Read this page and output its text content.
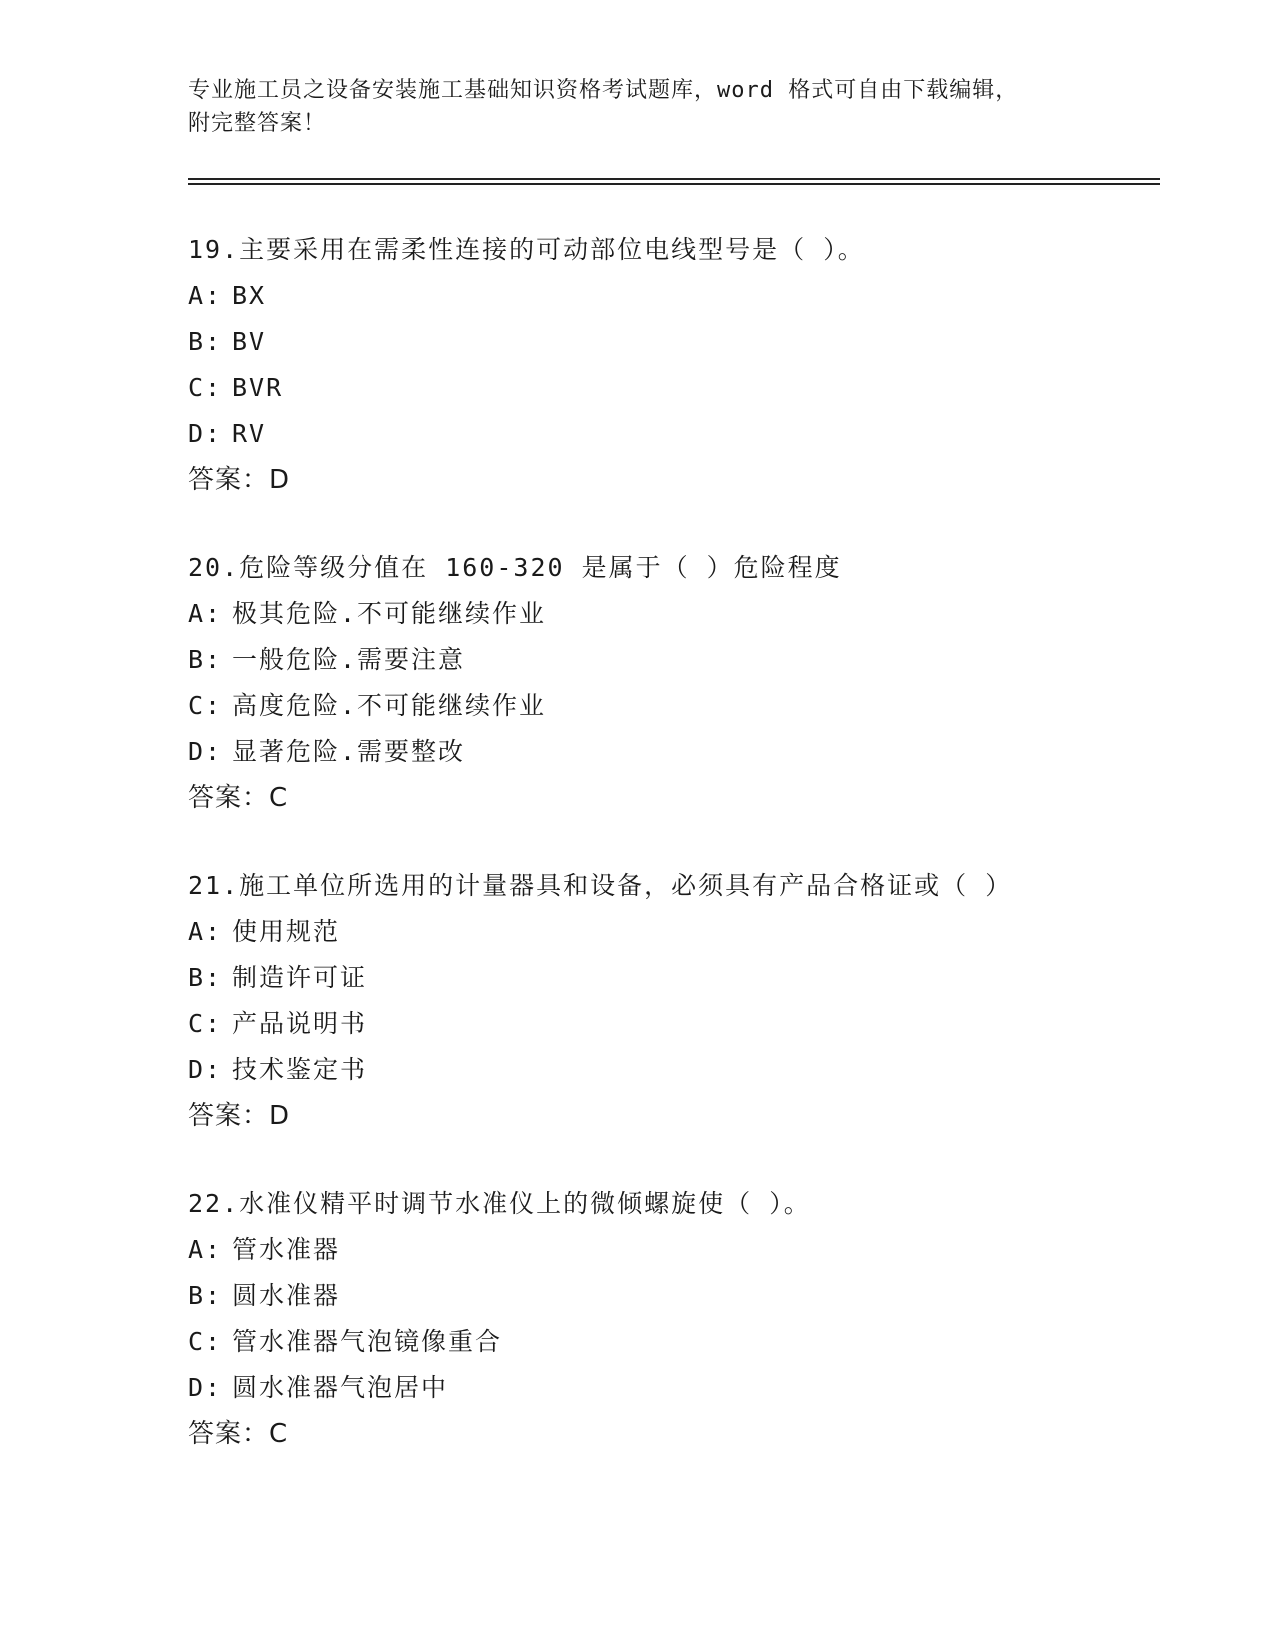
专业施工员之设备安装施工基础知识资格考试题库，word 格式可自由下载编辑，
附完整答案！
19.主要采用在需柔性连接的可动部位电线型号是（ ）。
A: BX
B: BV
C: BVR
D: RV
答案：D
20.危险等级分值在 160-320 是属于（ ）危险程度
A: 极其危险.不可能继续作业
B: 一般危险.需要注意
C: 高度危险.不可能继续作业
D: 显著危险.需要整改
答案：C
21.施工单位所选用的计量器具和设备，必须具有产品合格证或（ ）
A: 使用规范
B: 制造许可证
C: 产品说明书
D: 技术鉴定书
答案：D
22.水准仪精平时调节水准仪上的微倾螺旋使（ ）。
A: 管水准器
B: 圆水准器
C: 管水准器气泡镜像重合
D: 圆水准器气泡居中
答案：C
